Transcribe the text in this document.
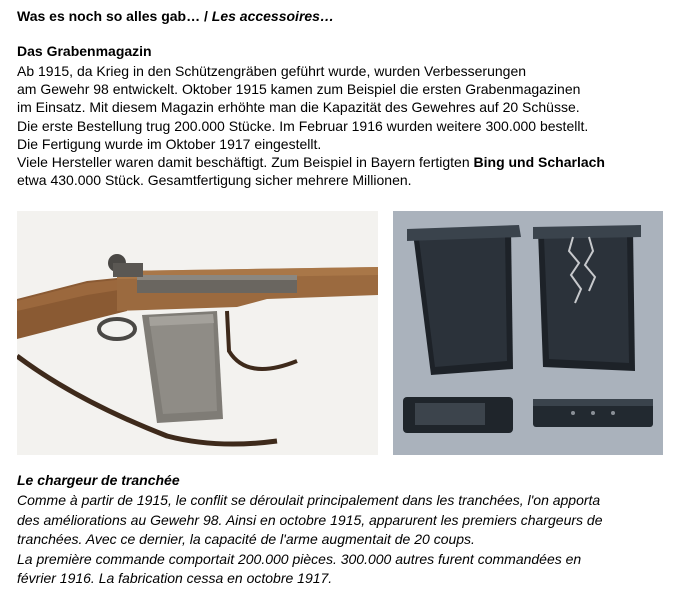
Was es noch so alles gab… / Les accessoires…
Das Grabenmagazin
Ab 1915, da Krieg in den Schützengräben geführt wurde, wurden Verbesserungen
am Gewehr 98 entwickelt. Oktober 1915 kamen zum Beispiel die ersten Grabenmagazinen
im Einsatz. Mit diesem Magazin erhöhte man die Kapazität des Gewehres auf 20 Schüsse.
Die erste Bestellung trug 200.000 Stücke. Im Februar 1916 wurden weitere 300.000 bestellt.
Die Fertigung wurde im Oktober 1917 eingestellt.
Viele Hersteller waren damit beschäftigt. Zum Beispiel in Bayern fertigten Bing und Scharlach
etwa 430.000 Stück. Gesamtfertigung sicher mehrere Millionen.
Le chargeur de tranchée
Comme à partir de 1915, le conflit se déroulait principalement dans les tranchées, l'on apporta
des améliorations au Gewehr 98. Ainsi en octobre 1915, apparurent les premiers chargeurs de
tranchées. Avec ce dernier, la capacité de l'arme augmentait de 20 coups.
La première commande comportait 200.000 pièces. 300.000 autres furent commandées en
février 1916. La fabrication cessa en octobre 1917.
